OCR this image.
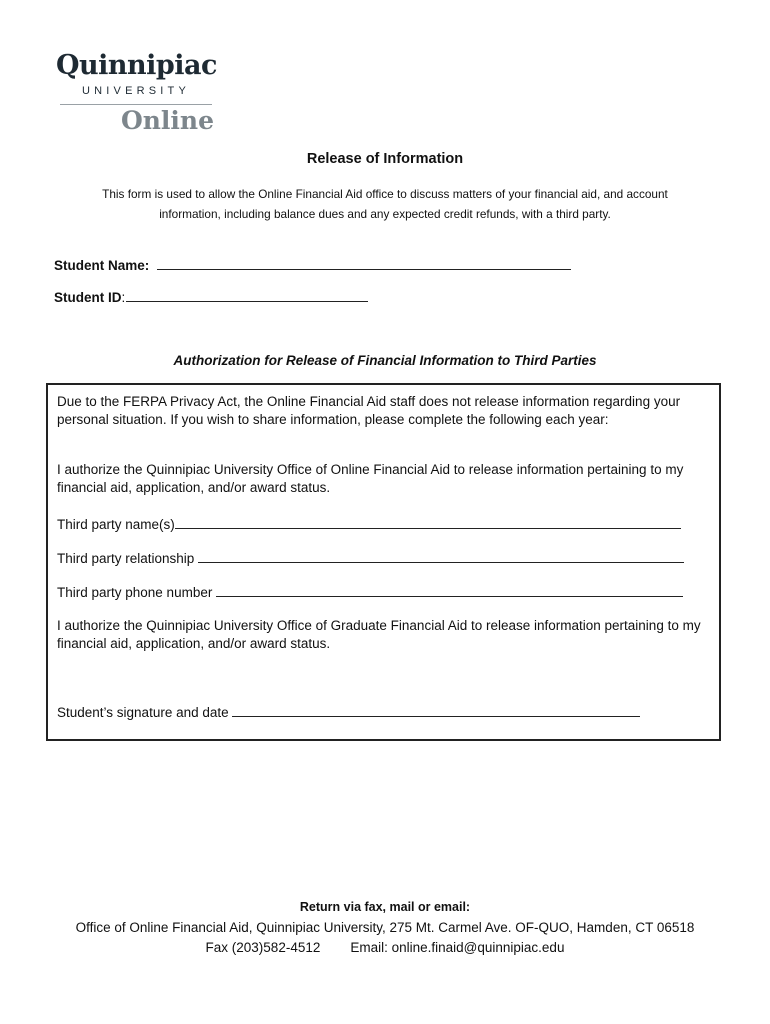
Quinnipiac
UNIVERSITY
Online
Release of Information
This form is used to allow the Online Financial Aid office to discuss matters of your financial aid, and account information, including balance dues and any expected credit refunds, with a third party.
Student Name:
Student ID:
Authorization for Release of Financial Information to Third Parties
Due to the FERPA Privacy Act, the Online Financial Aid staff does not release information regarding your personal situation. If you wish to share information, please complete the following each year:
I authorize the Quinnipiac University Office of Online Financial Aid to release information pertaining to my financial aid, application, and/or award status.
Third party name(s)
Third party relationship
Third party phone number
I authorize the Quinnipiac University Office of Graduate Financial Aid to release information pertaining to my financial aid, application, and/or award status.
Student’s signature and date
Return via fax, mail or email:
Office of Online Financial Aid, Quinnipiac University, 275 Mt. Carmel Ave. OF-QUO, Hamden, CT 06518
Fax (203)582-4512 Email: online.finaid@quinnipiac.edu
